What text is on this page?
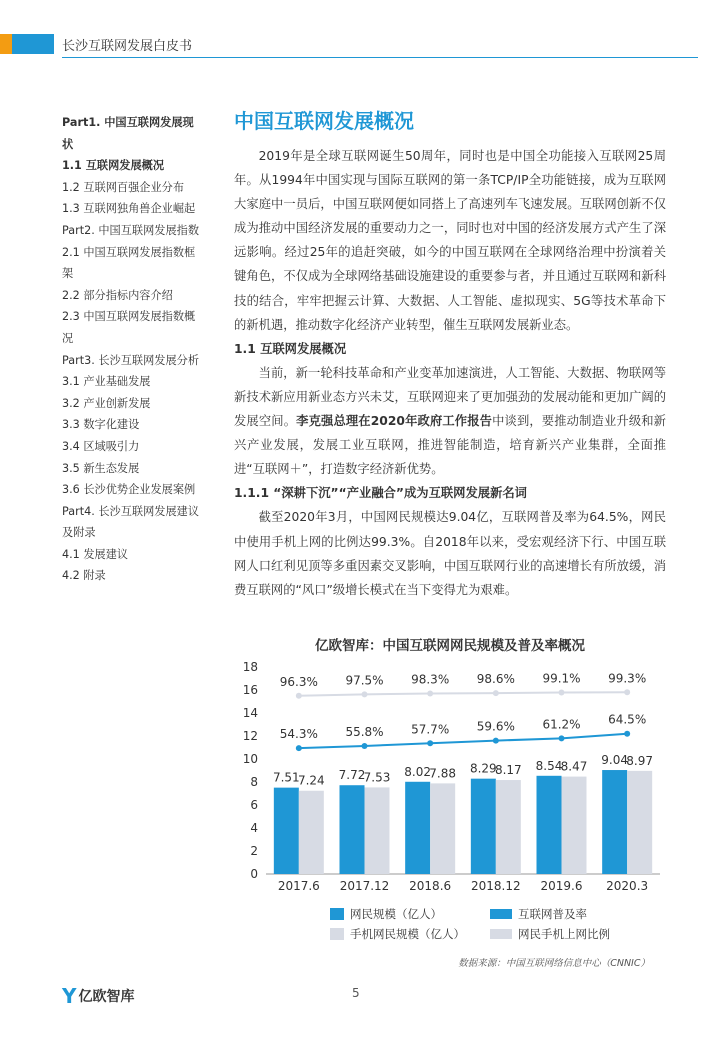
长沙互联网发展白皮书
Part1. 中国互联网发展现
状
1.1 互联网发展概况
1.2 互联网百强企业分布
1.3 互联网独角兽企业崛起
Part2. 中国互联网发展指数
2.1 中国互联网发展指数框
架
2.2 部分指标内容介绍
2.3 中国互联网发展指数概
况
Part3. 长沙互联网发展分析
3.1 产业基础发展
3.2 产业创新发展
3.3 数字化建设
3.4 区域吸引力
3.5 新生态发展
3.6 长沙优势企业发展案例
Part4. 长沙互联网发展建议
及附录
4.1 发展建议
4.2 附录
中国互联网发展概况

2019年是全球互联网诞生50周年，同时也是中国全功能接入互联网25周年。从1994年中国实现与国际互联网的第一条TCP/IP全功能链接，成为互联网大家庭中一员后，中国互联网便如同搭上了高速列车飞速发展。互联网创新不仅成为推动中国经济发展的重要动力之一，同时也对中国的经济发展方式产生了深远影响。经过25年的追赶突破，如今的中国互联网在全球网络治理中扮演着关键角色，不仅成为全球网络基础设施建设的重要参与者，并且通过互联网和新科技的结合，牢牢把握云计算、大数据、人工智能、虚拟现实、5G等技术革命下的新机遇，推动数字化经济产业转型，催生互联网发展新业态。

1.1 互联网发展概况

当前，新一轮科技革命和产业变革加速演进，人工智能、大数据、物联网等新技术新应用新业态方兴未艾，互联网迎来了更加强劲的发展动能和更加广阔的发展空间。李克强总理在2020年政府工作报告中谈到，要推动制造业升级和新兴产业发展，发展工业互联网，推进智能制造，培育新兴产业集群，全面推进“互联网＋”，打造数字经济新优势。

1.1.1 “深耕下沉”“产业融合”成为互联网发展新名词

截至2020年3月，中国网民规模达9.04亿，互联网普及率为64.5%，网民中使用手机上网的比例达99.3%。自2018年以来，受宏观经济下行、中国互联网人口红利见顶等多重因素交叉影响，中国互联网行业的高速增长有所放缓，消费互联网的“风口”级增长模式在当下变得尤为艰难。

亿欧智库：中国互联网网民规模及普及率概况
0
2
4
6
8
10
12
14
16
18
7.51
7.24
2017.6
7.72
7.53
2017.12
8.02
7.88
2018.6
8.29
8.17
2018.12
8.54
8.47
2019.6
9.04
8.97
2020.3
54.3% 55.8% 57.7% 59.6% 61.2% 64.5%
96.3% 97.5% 98.3% 98.6% 99.1% 99.3%
网民规模（亿人）	互联网普及率
手机网民规模（亿人）	网民手机上网比例
数据来源：中国互联网络信息中心（CNNIC）
Y 亿欧智库	5
